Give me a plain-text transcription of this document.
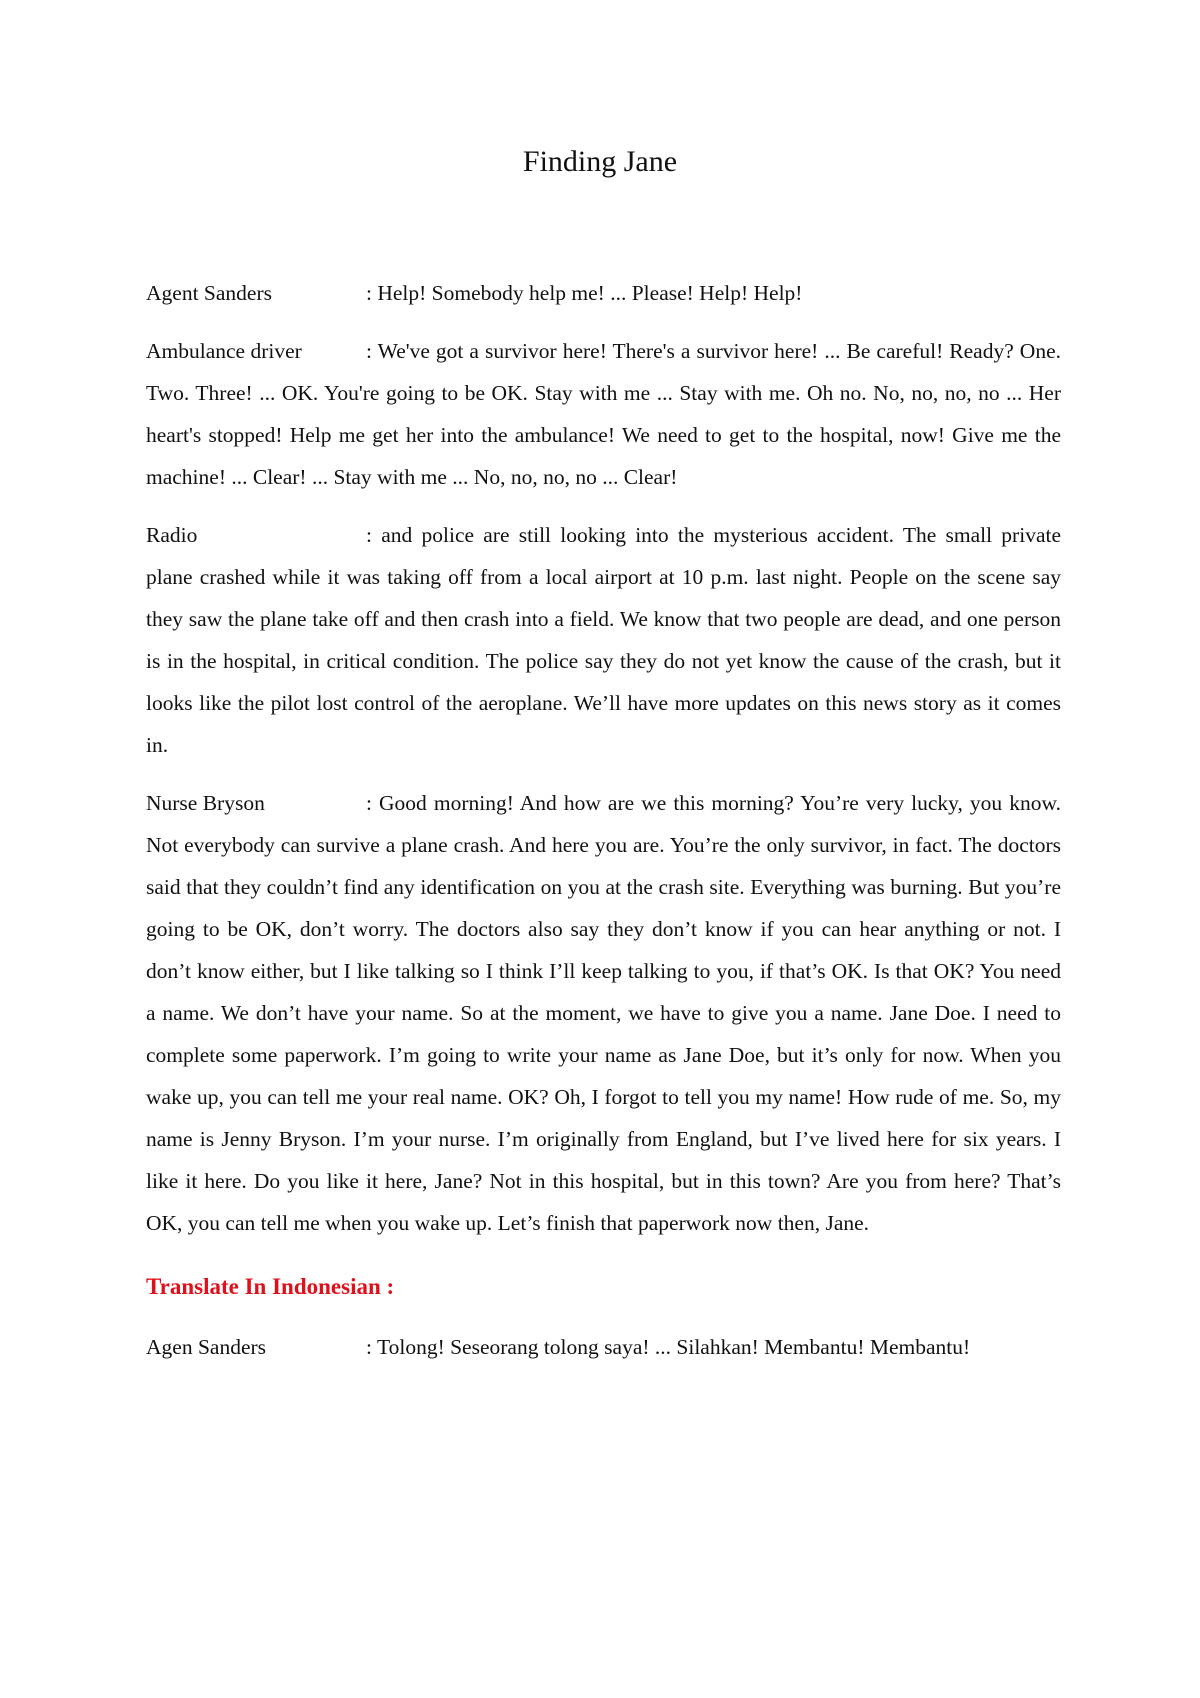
Finding Jane

Agent Sanders	: Help! Somebody help me! ... Please! Help! Help!

Ambulance driver	: We've got a survivor here! There's a survivor here! ... Be careful! Ready? One. Two. Three! ... OK. You're going to be OK. Stay with me ... Stay with me. Oh no. No, no, no, no ... Her heart's stopped! Help me get her into the ambulance! We need to get to the hospital, now! Give me the machine! ... Clear! ... Stay with me ... No, no, no, no ... Clear!

Radio	: and police are still looking into the mysterious accident. The small private plane crashed while it was taking off from a local airport at 10 p.m. last night. People on the scene say they saw the plane take off and then crash into a field. We know that two people are dead, and one person is in the hospital, in critical condition. The police say they do not yet know the cause of the crash, but it looks like the pilot lost control of the aeroplane. We’ll have more updates on this news story as it comes in.

Nurse Bryson	: Good morning! And how are we this morning? You’re very lucky, you know. Not everybody can survive a plane crash. And here you are. You’re the only survivor, in fact. The doctors said that they couldn’t find any identification on you at the crash site. Everything was burning. But you’re going to be OK, don’t worry. The doctors also say they don’t know if you can hear anything or not. I don’t know either, but I like talking so I think I’ll keep talking to you, if that’s OK. Is that OK? You need a name. We don’t have your name. So at the moment, we have to give you a name. Jane Doe. I need to complete some paperwork. I’m going to write your name as Jane Doe, but it’s only for now. When you wake up, you can tell me your real name. OK? Oh, I forgot to tell you my name! How rude of me. So, my name is Jenny Bryson. I’m your nurse. I’m originally from England, but I’ve lived here for six years. I like it here. Do you like it here, Jane? Not in this hospital, but in this town? Are you from here? That’s OK, you can tell me when you wake up. Let’s finish that paperwork now then, Jane.

Translate In Indonesian :

Agen Sanders	: Tolong! Seseorang tolong saya! ... Silahkan! Membantu! Membantu!
